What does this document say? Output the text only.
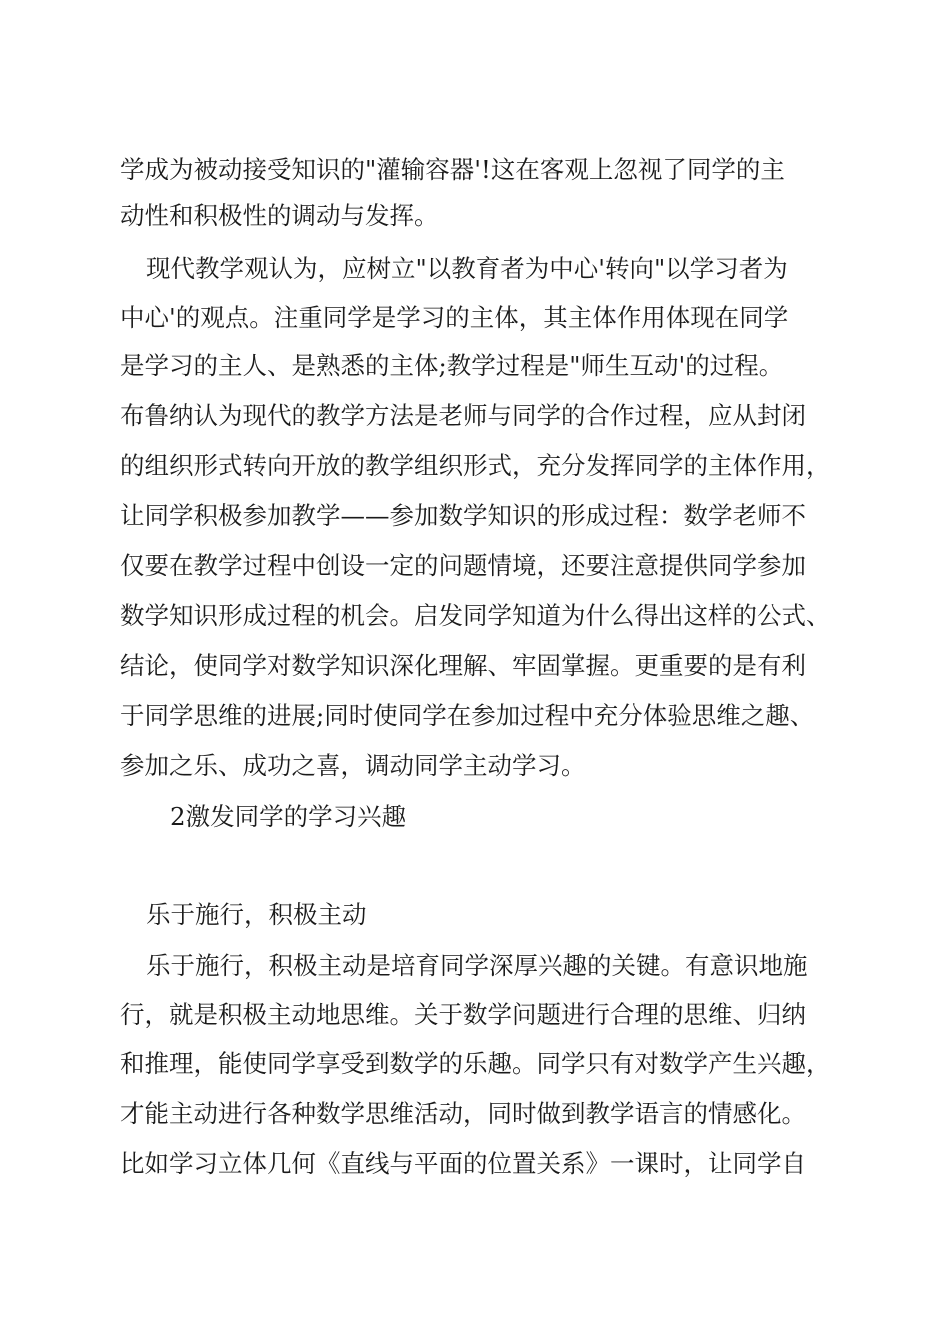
学成为被动接受知识的"灌输容器'!这在客观上忽视了同学的主
动性和积极性的调动与发挥。
现代教学观认为，应树立"以教育者为中心'转向"以学习者为
中心'的观点。注重同学是学习的主体，其主体作用体现在同学
是学习的主人、是熟悉的主体;教学过程是"师生互动'的过程。
布鲁纳认为现代的教学方法是老师与同学的合作过程，应从封闭
的组织形式转向开放的教学组织形式，充分发挥同学的主体作用，
让同学积极参加教学——参加数学知识的形成过程：数学老师不
仅要在教学过程中创设一定的问题情境，还要注意提供同学参加
数学知识形成过程的机会。启发同学知道为什么得出这样的公式、
结论，使同学对数学知识深化理解、牢固掌握。更重要的是有利
于同学思维的进展;同时使同学在参加过程中充分体验思维之趣、
参加之乐、成功之喜，调动同学主动学习。
2激发同学的学习兴趣
乐于施行，积极主动
乐于施行，积极主动是培育同学深厚兴趣的关键。有意识地施
行，就是积极主动地思维。关于数学问题进行合理的思维、归纳
和推理，能使同学享受到数学的乐趣。同学只有对数学产生兴趣，
才能主动进行各种数学思维活动，同时做到教学语言的情感化。
比如学习立体几何《直线与平面的位置关系》一课时，让同学自
